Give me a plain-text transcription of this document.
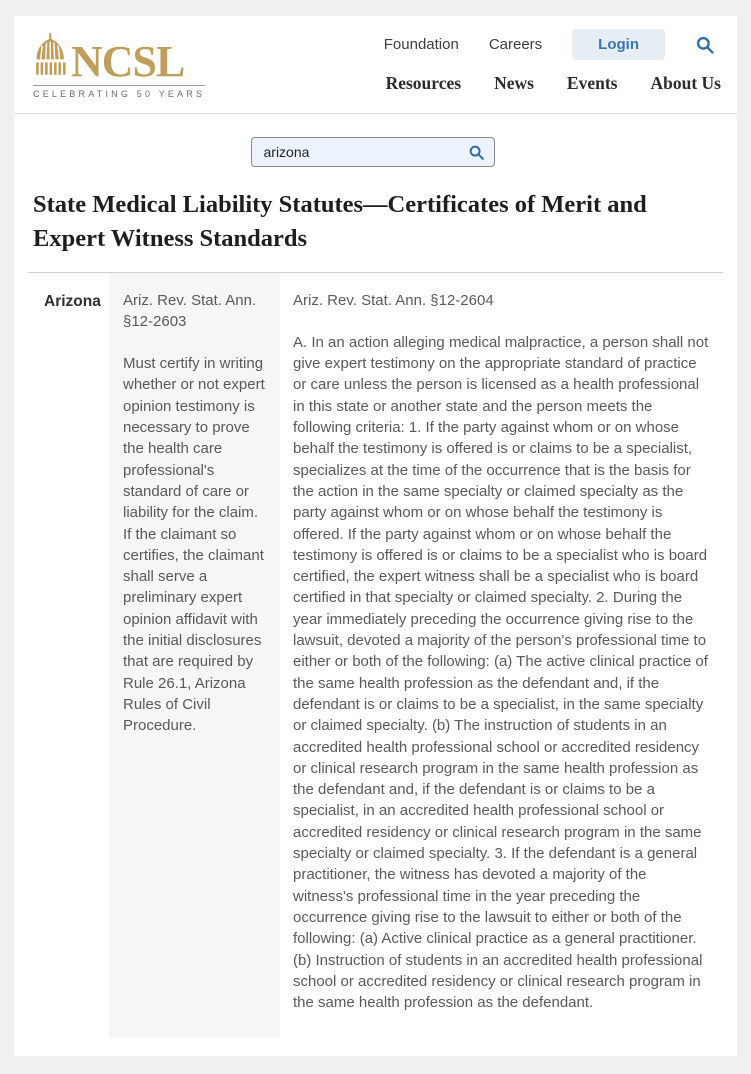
NCSL
CELEBRATING 50 YEARS
Foundation Careers	Login
Resources News Events About Us
arizona
State Medical Liability Statutes—Certificates of Merit and Expert Witness Standards
Arizona	Ariz. Rev. Stat. Ann. §12-2603

Must certify in writing whether or not expert opinion testimony is necessary to prove the health care professional's standard of care or liability for the claim. If the claimant so certifies, the claimant shall serve a preliminary expert opinion affidavit with the initial disclosures that are required by Rule 26.1, Arizona Rules of Civil Procedure.

Ariz. Rev. Stat. Ann. §12-2604

A. In an action alleging medical malpractice, a person shall not give expert testimony on the appropriate standard of practice or care unless the person is licensed as a health professional in this state or another state and the person meets the following criteria: 1. If the party against whom or on whose behalf the testimony is offered is or claims to be a specialist, specializes at the time of the occurrence that is the basis for the action in the same specialty or claimed specialty as the party against whom or on whose behalf the testimony is offered. If the party against whom or on whose behalf the testimony is offered is or claims to be a specialist who is board certified, the expert witness shall be a specialist who is board certified in that specialty or claimed specialty. 2. During the year immediately preceding the occurrence giving rise to the lawsuit, devoted a majority of the person's professional time to either or both of the following: (a) The active clinical practice of the same health profession as the defendant and, if the defendant is or claims to be a specialist, in the same specialty or claimed specialty. (b) The instruction of students in an accredited health professional school or accredited residency or clinical research program in the same health profession as the defendant and, if the defendant is or claims to be a specialist, in an accredited health professional school or accredited residency or clinical research program in the same specialty or claimed specialty. 3. If the defendant is a general practitioner, the witness has devoted a majority of the witness's professional time in the year preceding the occurrence giving rise to the lawsuit to either or both of the following: (a) Active clinical practice as a general practitioner. (b) Instruction of students in an accredited health professional school or accredited residency or clinical research program in the same health profession as the defendant.
